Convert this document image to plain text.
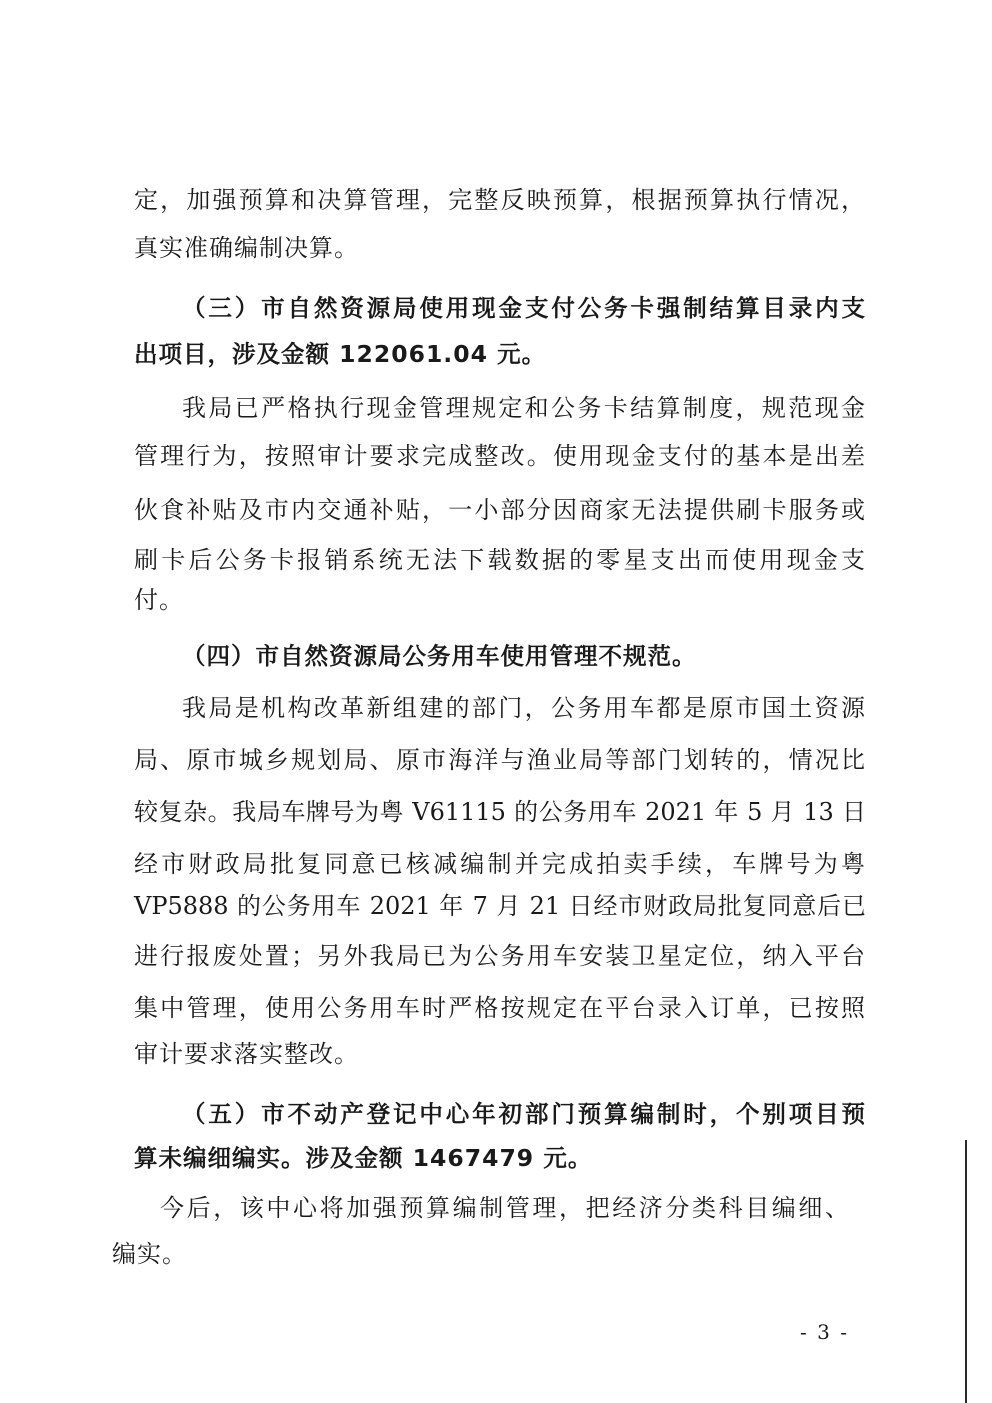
定，加强预算和决算管理，完整反映预算，根据预算执行情况，
真实准确编制决算。
（三）市自然资源局使用现金支付公务卡强制结算目录内支
出项目，涉及金额 122061.04 元。
我局已严格执行现金管理规定和公务卡结算制度，规范现金
管理行为，按照审计要求完成整改。使用现金支付的基本是出差
伙食补贴及市内交通补贴，一小部分因商家无法提供刷卡服务或
刷卡后公务卡报销系统无法下载数据的零星支出而使用现金支
付。
（四）市自然资源局公务用车使用管理不规范。
我局是机构改革新组建的部门，公务用车都是原市国土资源
局、原市城乡规划局、原市海洋与渔业局等部门划转的，情况比
较复杂。我局车牌号为粤 V61115 的公务用车 2021 年 5 月 13 日
经市财政局批复同意已核减编制并完成拍卖手续，车牌号为粤
VP5888 的公务用车 2021 年 7 月 21 日经市财政局批复同意后已
进行报废处置；另外我局已为公务用车安装卫星定位，纳入平台
集中管理，使用公务用车时严格按规定在平台录入订单，已按照
审计要求落实整改。
（五）市不动产登记中心年初部门预算编制时，个别项目预
算未编细编实。涉及金额 1467479 元。
今后，该中心将加强预算编制管理，把经济分类科目编细、
编实。
- 3 -
